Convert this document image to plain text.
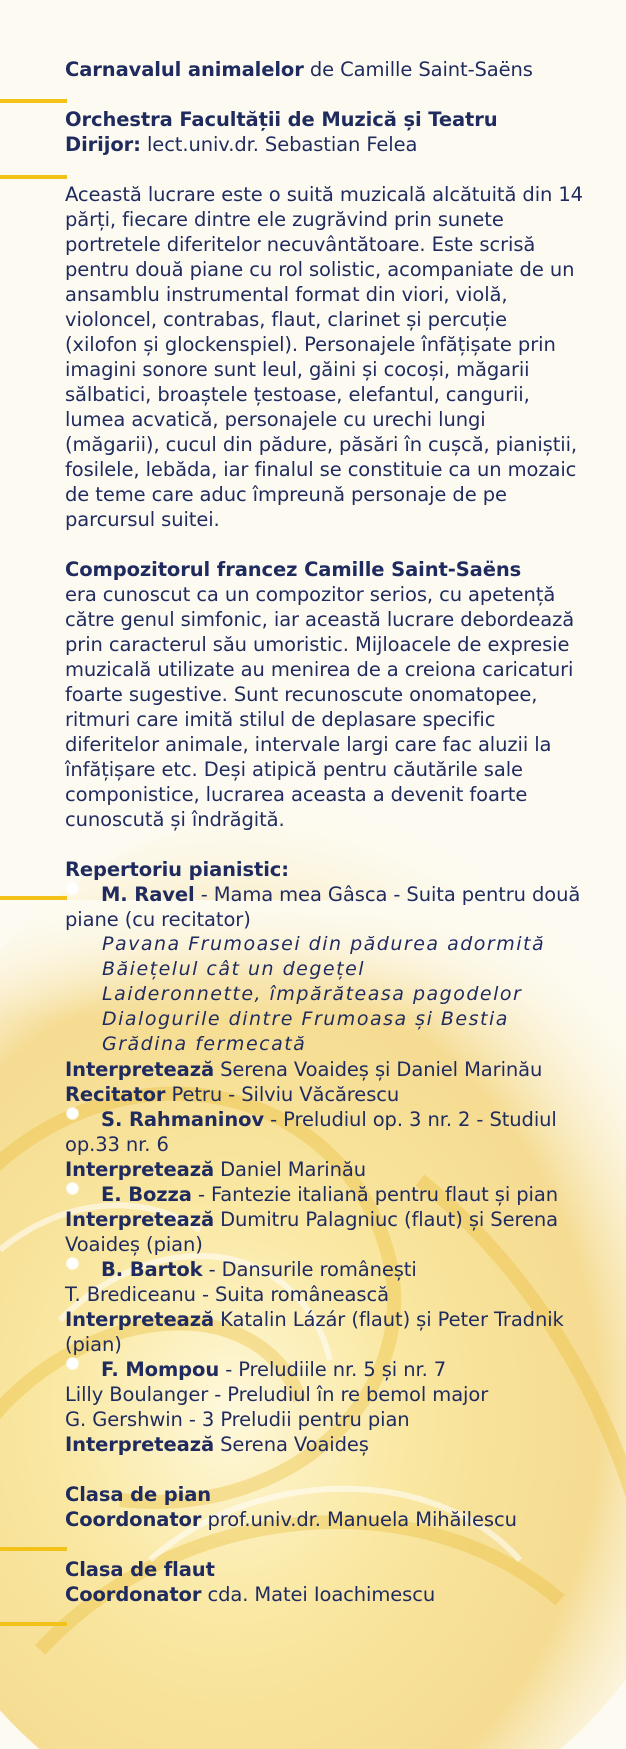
Carnavalul animalelor de Camille Saint-Saëns

Orchestra Facultății de Muzică și Teatru

Dirijor: lect.univ.dr. Sebastian Felea

Această lucrare este o suită muzicală alcătuită din 14 părți, fiecare dintre ele zugrăvind prin sunete portretele diferitelor necuvântătoare. Este scrisă pentru două piane cu rol solistic, acompaniate de un ansamblu instrumental format din viori, violă, violoncel, contrabas, flaut, clarinet și percuție (xilofon și glockenspiel). Personajele înfățișate prin imagini sonore sunt leul, găini și cocoși, măgarii sălbatici, broaștele țestoase, elefantul, cangurii, lumea acvatică, personajele cu urechi lungi (măgarii), cucul din pădure, păsări în cușcă, pianiștii, fosilele, lebăda, iar finalul se constituie ca un mozaic de teme care aduc împreună personaje de pe parcursul suitei.

Compozitorul francez Camille Saint-Saëns
era cunoscut ca un compozitor serios, cu apetență către genul simfonic, iar această lucrare debordează prin caracterul său umoristic. Mijloacele de expresie muzicală utilizate au menirea de a creiona caricaturi foarte sugestive. Sunt recunoscute onomatopee, ritmuri care imită stilul de deplasare specific diferitelor animale, intervale largi care fac aluzii la înfățișare etc. Deși atipică pentru căutările sale componistice, lucrarea aceasta a devenit foarte cunoscută și îndrăgită.

Repertoriu pianistic:

M. Ravel - Mama mea Gâsca - Suita pentru două piane (cu recitator)

Pavana Frumoasei din pădurea adormită

Băiețelul cât un degețel

Laideronnette, împărăteasa pagodelor

Dialogurile dintre Frumoasa și Bestia

Grădina fermecată

Interpretează Serena Voaideș și Daniel Marinău

Recitator Petru - Silviu Văcărescu

S. Rahmaninov - Preludiul op. 3 nr. 2 - Studiul op.33 nr. 6

Interpretează Daniel Marinău

E. Bozza - Fantezie italiană pentru flaut și pian

Interpretează Dumitru Palagniuc (flaut) și Serena Voaideș (pian)

B. Bartok - Dansurile românești

T. Brediceanu - Suita românească

Interpretează Katalin Lázár (flaut) și Peter Tradnik (pian)

F. Mompou - Preludiile nr. 5 și nr. 7

Lilly Boulanger - Preludiul în re bemol major

G. Gershwin - 3 Preludii pentru pian

Interpretează Serena Voaideș

Clasa de pian

Coordonator prof.univ.dr. Manuela Mihăilescu

Clasa de flaut

Coordonator cda. Matei Ioachimescu
